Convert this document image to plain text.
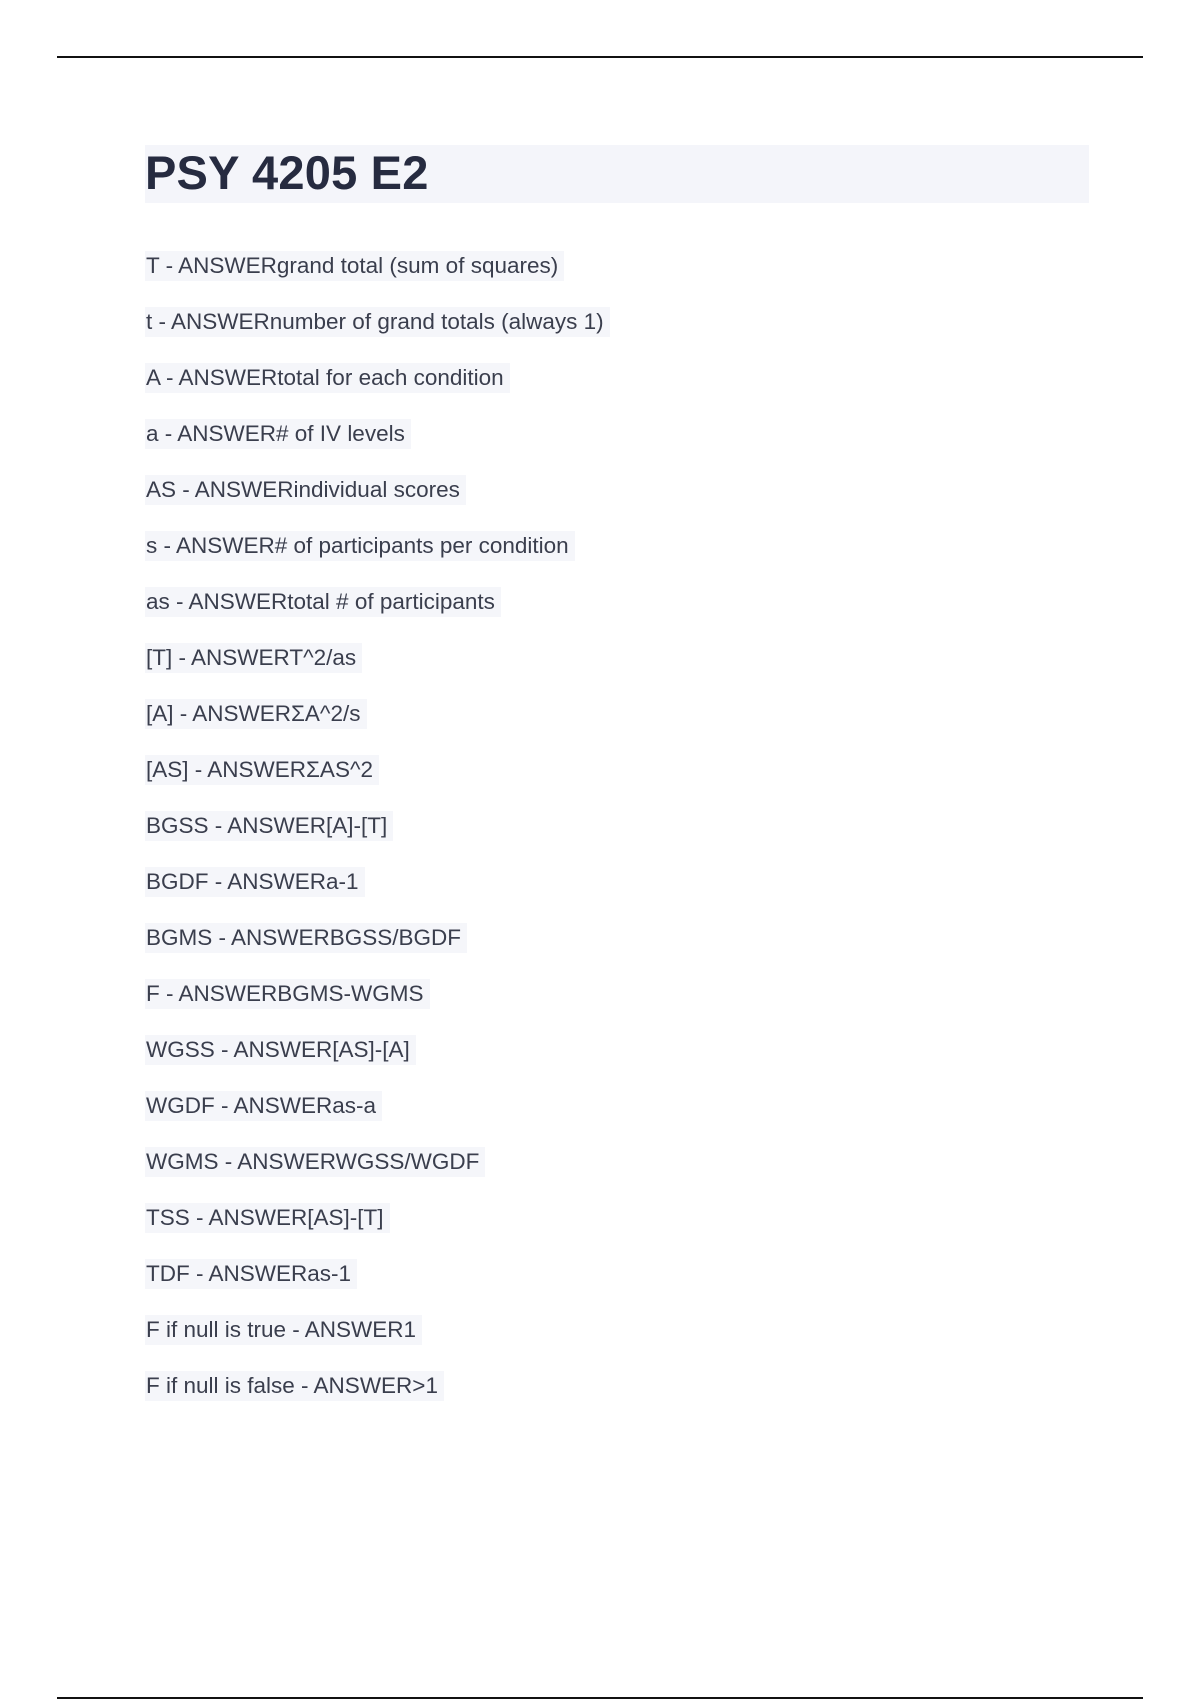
PSY 4205 E2
T - ANSWERgrand total (sum of squares)
t - ANSWERnumber of grand totals (always 1)
A - ANSWERtotal for each condition
a - ANSWER# of IV levels
AS - ANSWERindividual scores
s - ANSWER# of participants per condition
as - ANSWERtotal # of participants
[T] - ANSWERT^2/as
[A] - ANSWERΣA^2/s
[AS] - ANSWERΣAS^2
BGSS - ANSWER[A]-[T]
BGDF - ANSWERa-1
BGMS - ANSWERBGSS/BGDF
F - ANSWERBGMS-WGMS
WGSS - ANSWER[AS]-[A]
WGDF - ANSWERas-a
WGMS - ANSWERWGSS/WGDF
TSS - ANSWER[AS]-[T]
TDF - ANSWERas-1
F if null is true - ANSWER1
F if null is false - ANSWER>1
